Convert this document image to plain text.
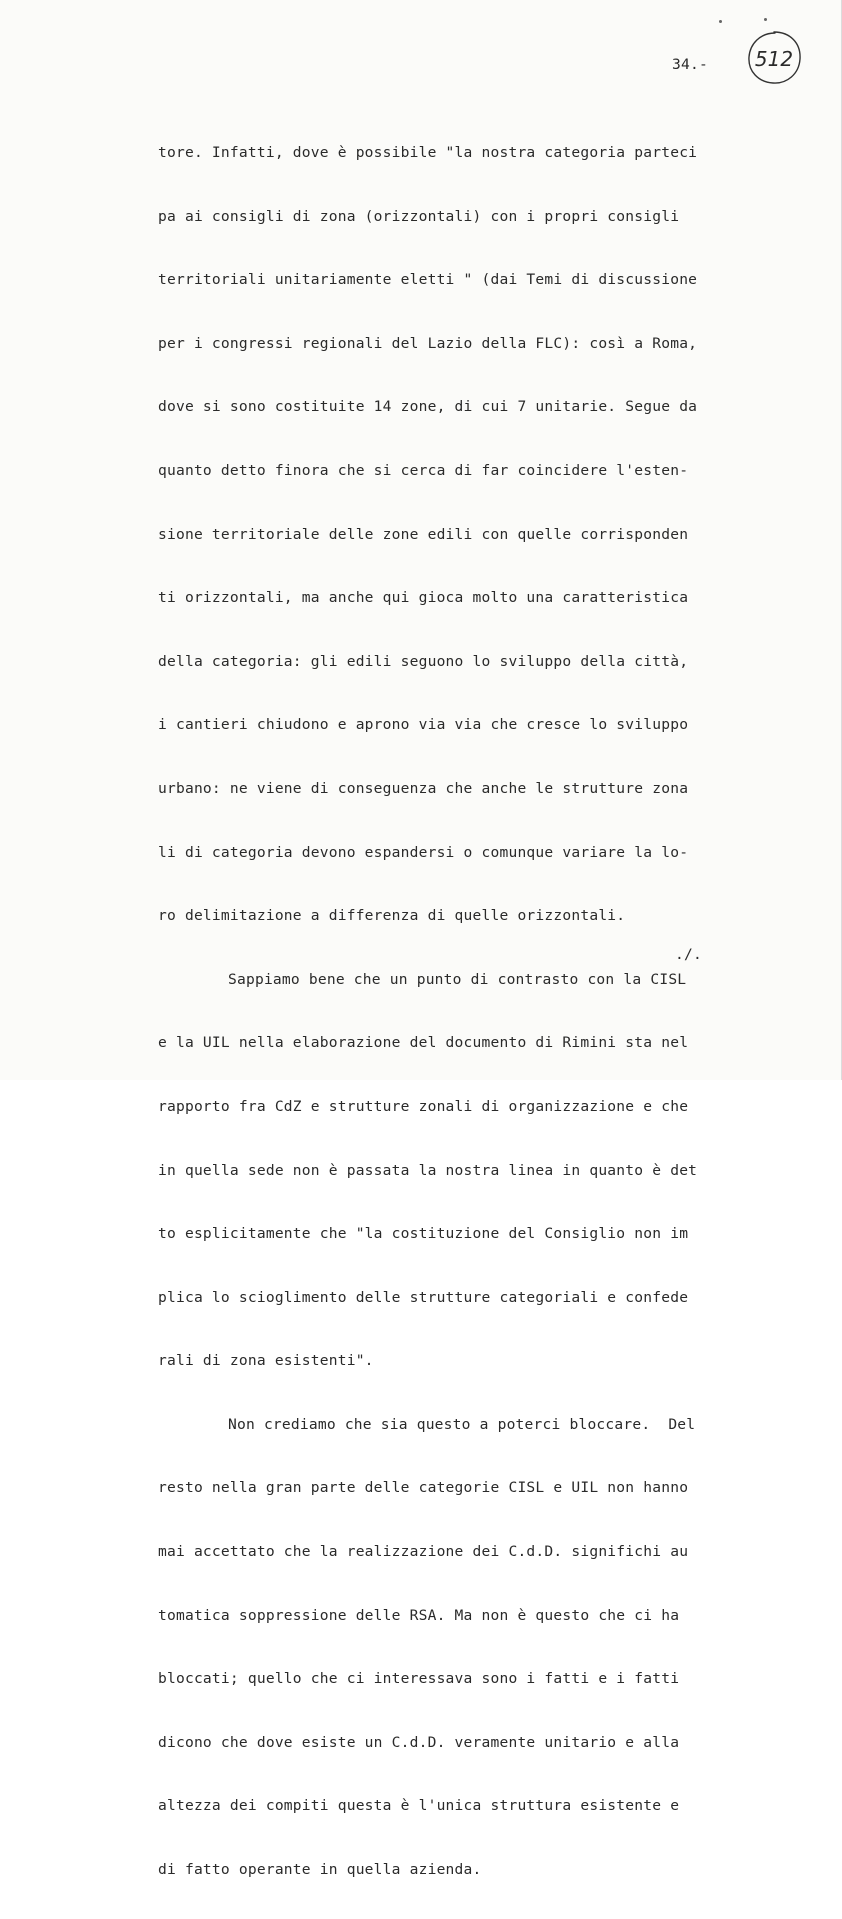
34.- 512

tore. Infatti, dove è possibile "la nostra categoria parteci

pa ai consigli di zona (orizzontali) con i propri consigli

territoriali unitariamente eletti " (dai Temi di discussione

per i congressi regionali del Lazio della FLC): così a Roma,

dove si sono costituite 14 zone, di cui 7 unitarie. Segue da

quanto detto finora che si cerca di far coincidere l'esten-

sione territoriale delle zone edili con quelle corrisponden

ti orizzontali, ma anche qui gioca molto una caratteristica

della categoria: gli edili seguono lo sviluppo della città,

i cantieri chiudono e aprono via via che cresce lo sviluppo

urbano: ne viene di conseguenza che anche le strutture zona

li di categoria devono espandersi o comunque variare la lo-

ro delimitazione a differenza di quelle orizzontali.

Sappiamo bene che un punto di contrasto con la CISL

e la UIL nella elaborazione del documento di Rimini sta nel

rapporto fra CdZ e strutture zonali di organizzazione e che

in quella sede non è passata la nostra linea in quanto è det

to esplicitamente che "la costituzione del Consiglio non im

plica lo scioglimento delle strutture categoriali e confede

rali di zona esistenti".

Non crediamo che sia questo a poterci bloccare.  Del

resto nella gran parte delle categorie CISL e UIL non hanno

mai accettato che la realizzazione dei C.d.D. significhi au

tomatica soppressione delle RSA. Ma non è questo che ci ha

bloccati; quello che ci interessava sono i fatti e i fatti

dicono che dove esiste un C.d.D. veramente unitario e alla

altezza dei compiti questa è l'unica struttura esistente e

di fatto operante in quella azienda.

./.
